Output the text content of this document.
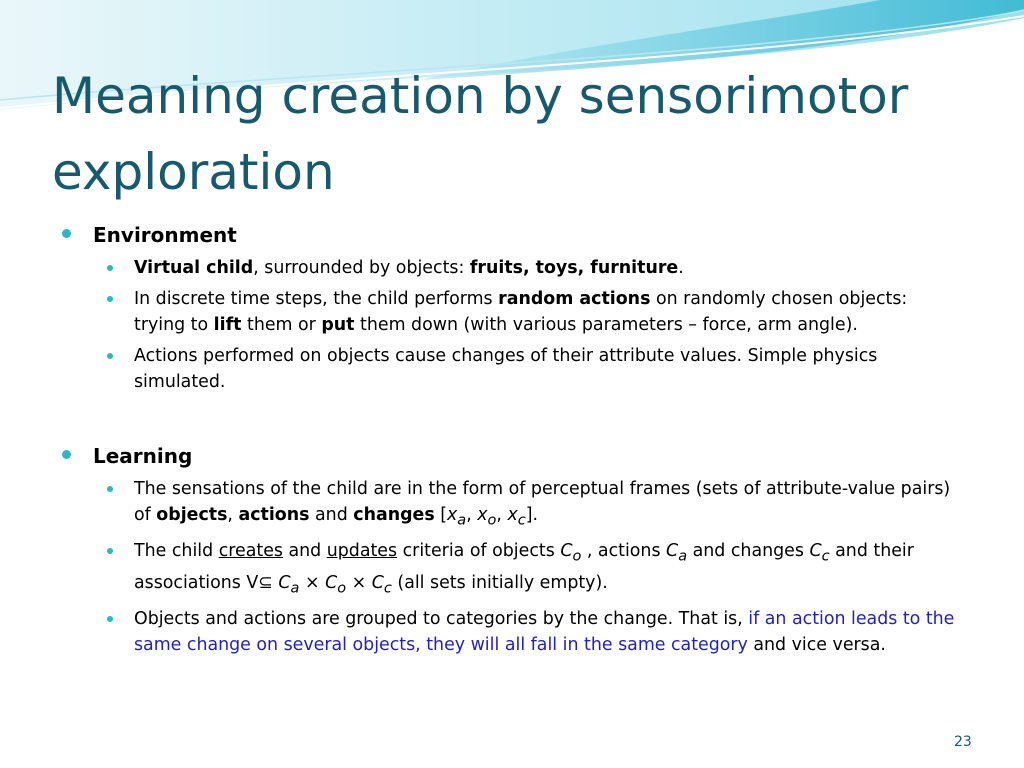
Meaning creation by sensorimotor exploration
Environment
Virtual child, surrounded by objects: fruits, toys, furniture.
In discrete time steps, the child performs random actions on randomly chosen objects: trying to lift them or put them down (with various parameters – force, arm angle).
Actions performed on objects cause changes of their attribute values. Simple physics simulated.
Learning
The sensations of the child are in the form of perceptual frames (sets of attribute-value pairs) of objects, actions and changes [$x_a$, $x_o$, $x_c$].
The child creates and updates criteria of objects $C_o$ , actions $C_a$ and changes $C_c$ and their associations V⊆ $C_a \times C_o \times C_c$ (all sets initially empty).
Objects and actions are grouped to categories by the change. That is, if an action leads to the same change on several objects, they will all fall in the same category and vice versa.
23
